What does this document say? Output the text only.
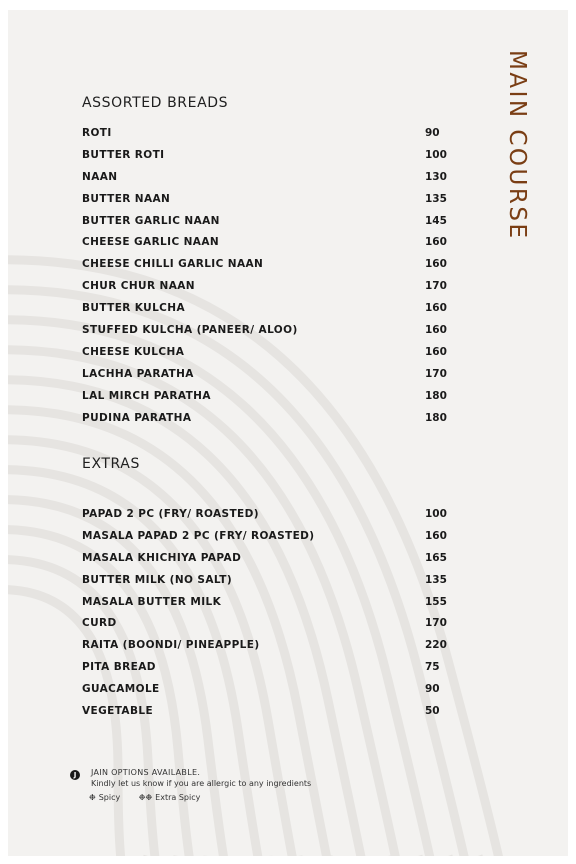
MAIN COURSE
ASSORTED BREADS
ROTI	90
BUTTER ROTI	100
NAAN	130
BUTTER NAAN	135
BUTTER GARLIC NAAN	145
CHEESE GARLIC NAAN	160
CHEESE CHILLI GARLIC NAAN	160
CHUR CHUR NAAN	170
BUTTER KULCHA	160
STUFFED KULCHA (PANEER/ ALOO)	160
CHEESE KULCHA	160
LACHHA PARATHA	170
LAL MIRCH PARATHA	180
PUDINA PARATHA	180
EXTRAS
PAPAD 2 PC (FRY/ ROASTED)	100
MASALA PAPAD 2 PC (FRY/ ROASTED)	160
MASALA KHICHIYA PAPAD	165
BUTTER MILK (NO SALT)	135
MASALA BUTTER MILK	155
CURD	170
RAITA (BOONDI/ PINEAPPLE)	220
PITA BREAD	75
GUACAMOLE	90
VEGETABLE	50
J	JAIN OPTIONS AVAILABLE.
Kindly let us know if you are allergic to any ingredients
❉ Spicy ❉❉ Extra Spicy
